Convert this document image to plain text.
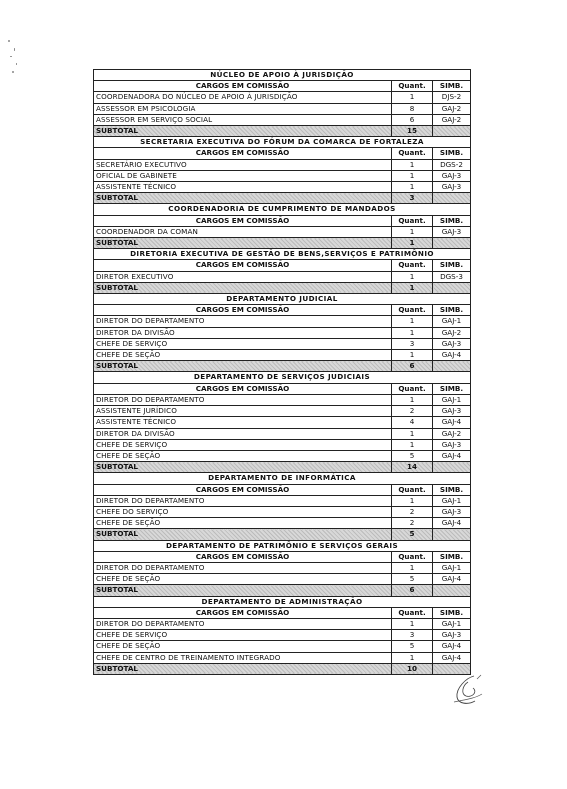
NÚCLEO DE APOIO À JURISDIÇÃO		
CARGOS EM COMISSÃO	Quant.	SIMB.
COORDENADORA DO NÚCLEO DE APOIO À JURISDIÇÃO	1	DJS-2
ASSESSOR EM PSICOLOGIA	8	GAJ-2
ASSESSOR EM SERVIÇO SOCIAL	6	GAJ-2
SUBTOTAL	15	
SECRETARIA EXECUTIVA DO FÓRUM DA COMARCA DE FORTALEZA		
CARGOS EM COMISSÃO	Quant.	SIMB.
SECRETÁRIO EXECUTIVO	1	DGS-2
OFICIAL DE GABINETE	1	GAJ-3
ASSISTENTE TÉCNICO	1	GAJ-3
SUBTOTAL	3	
COORDENADORIA DE CUMPRIMENTO DE MANDADOS		
CARGOS EM COMISSÃO	Quant.	SIMB.
COORDENADOR DA COMAN	1	GAJ-3
SUBTOTAL	1	
DIRETORIA EXECUTIVA DE GESTÃO DE BENS,SERVIÇOS E PATRIMÔNIO		
CARGOS EM COMISSÃO	Quant.	SIMB.
DIRETOR EXECUTIVO	1	DGS-3
SUBTOTAL	1	
DEPARTAMENTO JUDICIAL		
CARGOS EM COMISSÃO	Quant.	SIMB.
DIRETOR DO DEPARTAMENTO	1	GAJ-1
DIRETOR DA DIVISÃO	1	GAJ-2
CHEFE DE SERVIÇO	3	GAJ-3
CHEFE DE SEÇÃO	1	GAJ-4
SUBTOTAL	6	
DEPARTAMENTO DE SERVIÇOS JUDICIAIS		
CARGOS EM COMISSÃO	Quant.	SIMB.
DIRETOR DO DEPARTAMENTO	1	GAJ-1
ASSISTENTE JURÍDICO	2	GAJ-3
ASSISTENTE TÉCNICO	4	GAJ-4
DIRETOR DA DIVISÃO	1	GAJ-2
CHEFE DE SERVIÇO	1	GAJ-3
CHEFE DE SEÇÃO	5	GAJ-4
SUBTOTAL	14	
DEPARTAMENTO DE INFORMÁTICA		
CARGOS EM COMISSÃO	Quant.	SIMB.
DIRETOR DO DEPARTAMENTO	1	GAJ-1
CHEFE DO SERVIÇO	2	GAJ-3
CHEFE DE SEÇÃO	2	GAJ-4
SUBTOTAL	5	
DEPARTAMENTO DE PATRIMÔNIO E SERVIÇOS GERAIS		
CARGOS EM COMISSÃO	Quant.	SIMB.
DIRETOR DO DEPARTAMENTO	1	GAJ-1
CHEFE DE SEÇÃO	5	GAJ-4
SUBTOTAL	6	
DEPARTAMENTO DE ADMINISTRAÇÃO		
CARGOS EM COMISSÃO	Quant.	SIMB.
DIRETOR DO DEPARTAMENTO	1	GAJ-1
CHEFE DE SERVIÇO	3	GAJ-3
CHEFE DE SEÇÃO	5	GAJ-4
CHEFE DE CENTRO DE TREINAMENTO INTEGRADO	1	GAJ-4
SUBTOTAL	10	
